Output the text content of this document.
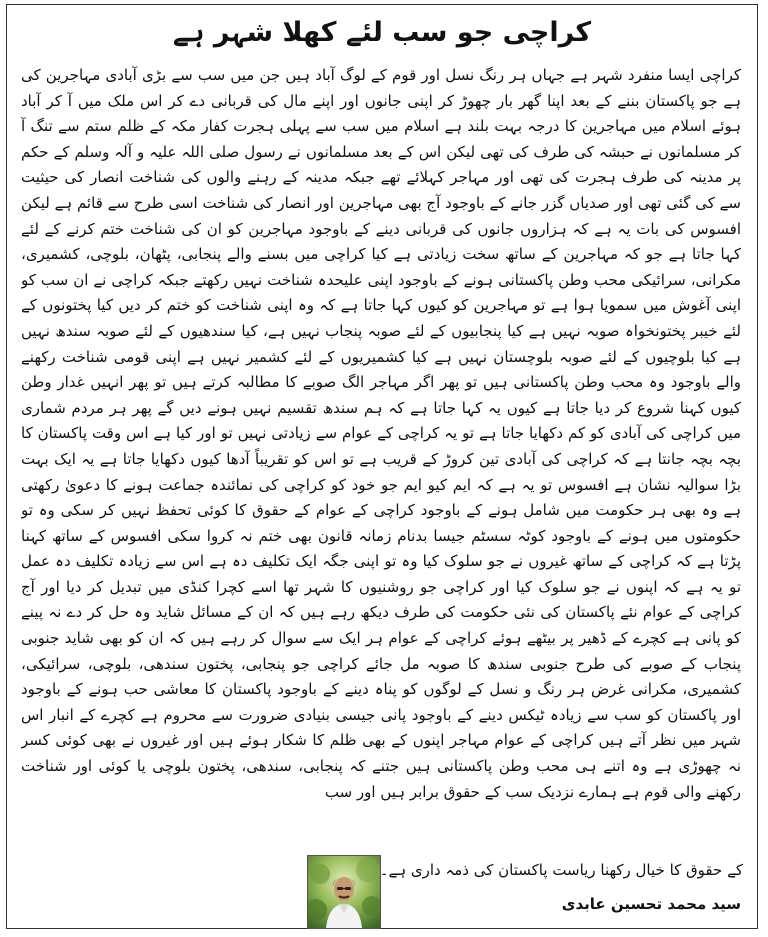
کراچی جو سب لئے کھلا شہر ہے

کراچی ایسا منفرد شہر ہے جہاں ہر رنگ نسل اور قوم کے لوگ آباد ہیں جن میں سب سے بڑی آبادی مہاجرین کی ہے جو پاکستان بننے کے بعد اپنا گھر بار چھوڑ کر اپنی جانوں اور اپنے مال کی قربانی دے کر اس ملک میں آ کر آباد ہوئے اسلام میں مہاجرین کا درجہ بہت بلند ہے اسلام میں سب سے پہلی ہجرت کفار مکہ کے ظلم ستم سے تنگ آ کر مسلمانوں نے حبشہ کی طرف کی تھی لیکن اس کے بعد مسلمانوں نے رسول صلی اللہ علیہ و آلہ وسلم کے حکم پر مدینہ کی طرف ہجرت کی تھی اور مہاجر کہلائے تھے جبکہ مدینہ کے رہنے والوں کی شناخت انصار کی حیثیت سے کی گئی تھی اور صدیاں گزر جانے کے باوجود آج بھی مہاجرین اور انصار کی شناخت اسی طرح سے قائم ہے لیکن افسوس کی بات یہ ہے کہ ہزاروں جانوں کی قربانی دینے کے باوجود مہاجرین کو ان کی شناخت ختم کرنے کے لئے کہا جاتا ہے جو کہ مہاجرین کے ساتھ سخت زیادتی ہے کیا کراچی میں بسنے والے پنجابی، پٹھان، بلوچی، کشمیری، مکرانی، سرائیکی محب وطن پاکستانی ہونے کے باوجود اپنی علیحدہ شناخت نہیں رکھتے جبکہ کراچی نے ان سب کو اپنی آغوش میں سمویا ہوا ہے تو مہاجرین کو کیوں کہا جاتا ہے کہ وہ اپنی شناخت کو ختم کر دیں کیا پختونوں کے لئے خیبر پختونخواہ صوبہ نہیں ہے کیا پنجابیوں کے لئے صوبہ پنجاب نہیں ہے، کیا سندھیوں کے لئے صوبہ سندھ نہیں ہے کیا بلوچیوں کے لئے صوبہ بلوچستان نہیں ہے کیا کشمیریوں کے لئے کشمیر نہیں ہے اپنی قومی شناخت رکھنے والے باوجود وہ محب وطن پاکستانی ہیں تو پھر اگر مہاجر الگ صوبے کا مطالبہ کرتے ہیں تو پھر انہیں غدار وطن کیوں کہنا شروع کر دیا جاتا ہے کیوں یہ کہا جاتا ہے کہ ہم سندھ تقسیم نہیں ہونے دیں گے پھر ہر مردم شماری میں کراچی کی آبادی کو کم دکھایا جاتا ہے تو یہ کراچی کے عوام سے زیادتی نہیں تو اور کیا ہے اس وقت پاکستان کا بچہ بچہ جانتا ہے کہ کراچی کی آبادی تین کروڑ کے قریب ہے تو اس کو تقریباً آدھا کیوں دکھایا جاتا ہے یہ ایک بہت بڑا سوالیہ نشان ہے افسوس تو یہ ہے کہ ایم کیو ایم جو خود کو کراچی کی نمائندہ جماعت ہونے کا دعویٰ رکھتی ہے وہ بھی ہر حکومت میں شامل ہونے کے باوجود کراچی کے عوام کے حقوق کا کوئی تحفظ نہیں کر سکی وہ تو حکومتوں میں ہونے کے باوجود کوٹہ سسٹم جیسا بدنام زمانہ قانون بھی ختم نہ کروا سکی افسوس کے ساتھ کہنا پڑتا ہے کہ کراچی کے ساتھ غیروں نے جو سلوک کیا وہ تو اپنی جگہ ایک تکلیف دہ ہے اس سے زیادہ تکلیف دہ عمل تو یہ ہے کہ اپنوں نے جو سلوک کیا اور کراچی جو روشنیوں کا شہر تھا اسے کچرا کنڈی میں تبدیل کر دیا اور آج کراچی کے عوام نئے پاکستان کی نئی حکومت کی طرف دیکھ رہے ہیں کہ ان کے مسائل شاید وہ حل کر دے نہ پینے کو پانی ہے کچرے کے ڈھیر پر بیٹھے ہوئے کراچی کے عوام ہر ایک سے سوال کر رہے ہیں کہ ان کو بھی شاید جنوبی پنجاب کے صوبے کی طرح جنوبی سندھ کا صوبہ مل جائے کراچی جو پنجابی، پختون سندھی، بلوچی، سرائیکی، کشمیری، مکرانی غرض ہر رنگ و نسل کے لوگوں کو پناہ دینے کے باوجود پاکستان کا معاشی حب ہونے کے باوجود اور پاکستان کو سب سے زیادہ ٹیکس دینے کے باوجود پانی جیسی بنیادی ضرورت سے محروم ہے کچرے کے انبار اس شہر میں نظر آتے ہیں کراچی کے عوام مہاجر اپنوں کے بھی ظلم کا شکار ہوئے ہیں اور غیروں نے بھی کوئی کسر نہ چھوڑی ہے وہ اتنے ہی محب وطن پاکستانی ہیں جتنے کہ پنجابی، سندھی، پختون بلوچی یا کوئی اور شناخت رکھنے والی قوم ہے ہمارے نزدیک سب کے حقوق برابر ہیں اور سب

کے حقوق کا خیال رکھنا ریاست پاکستان کی ذمہ داری ہے۔
سید محمد تحسین عابدی
